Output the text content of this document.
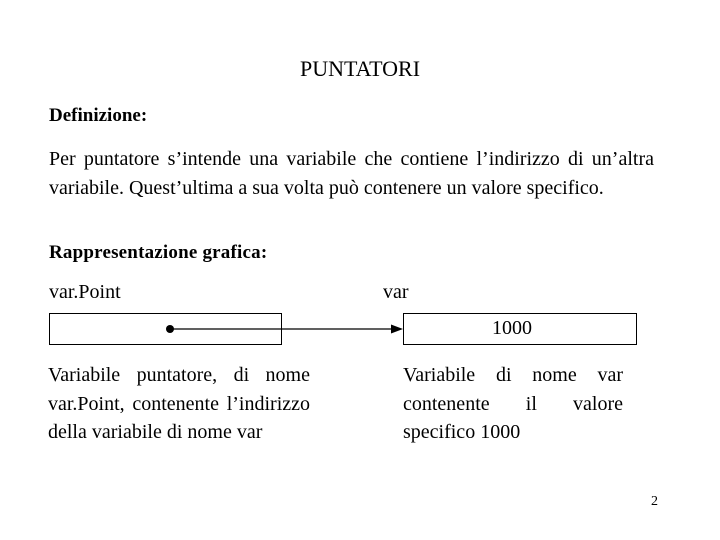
PUNTATORI
Definizione:
Per puntatore s’intende una variabile che contiene l’indirizzo di un’altra variabile. Quest’ultima a sua volta può contenere un valore specifico.
Rappresentazione grafica:
var.Point	var
1000
Variabile puntatore, di nome var.Point, contenente l’indirizzo della variabile di nome var
Variabile di nome var contenente il valore specifico 1000
2
